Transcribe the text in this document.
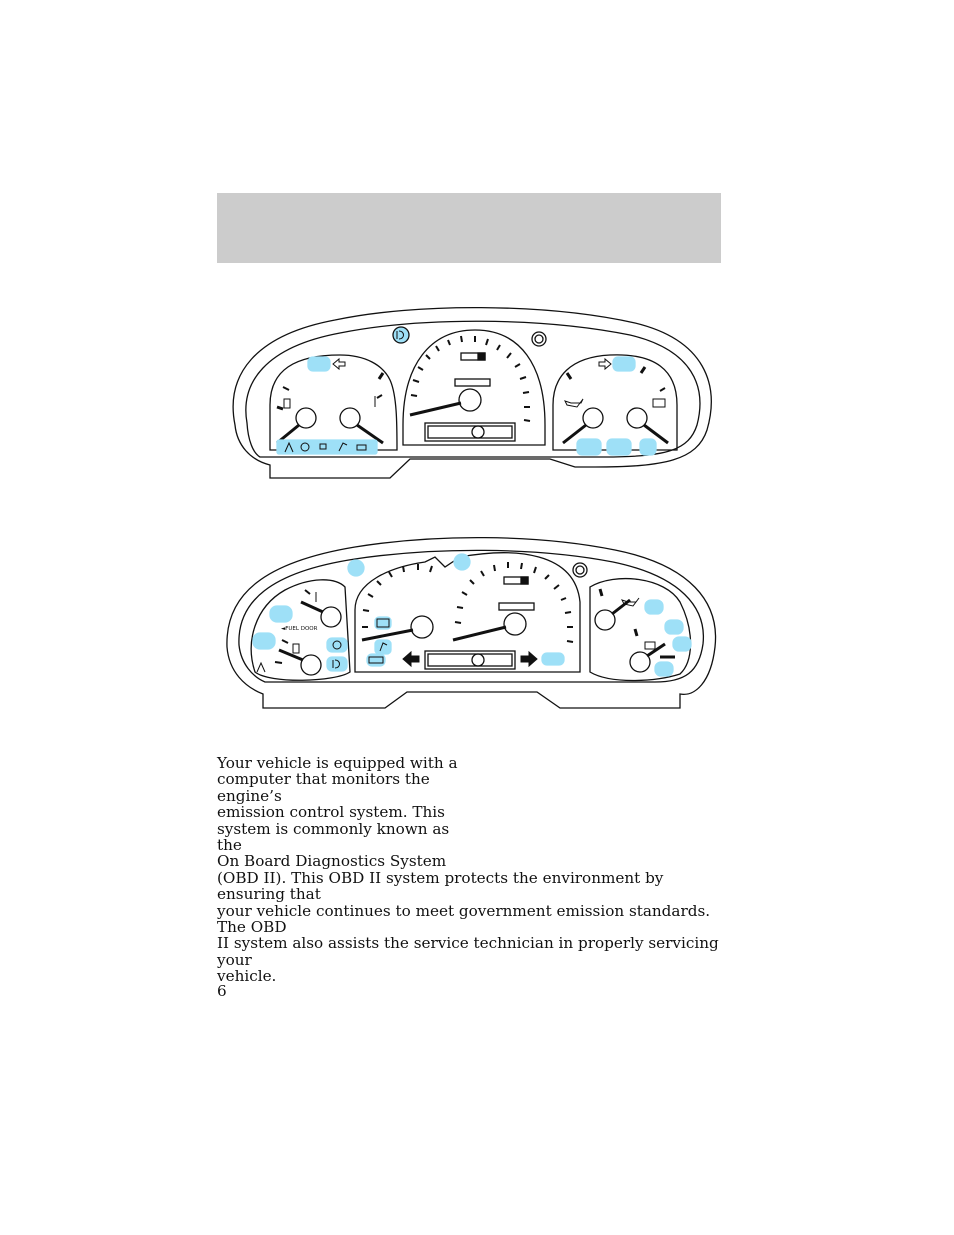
◄FUEL DOOR

Your vehicle is equipped with a
computer that monitors the engine’s
emission control system. This
system is commonly known as the
On Board Diagnostics System
(OBD II). This OBD II system protects the environment by ensuring that
your vehicle continues to meet government emission standards. The OBD
II system also assists the service technician in properly servicing your
vehicle.

6
